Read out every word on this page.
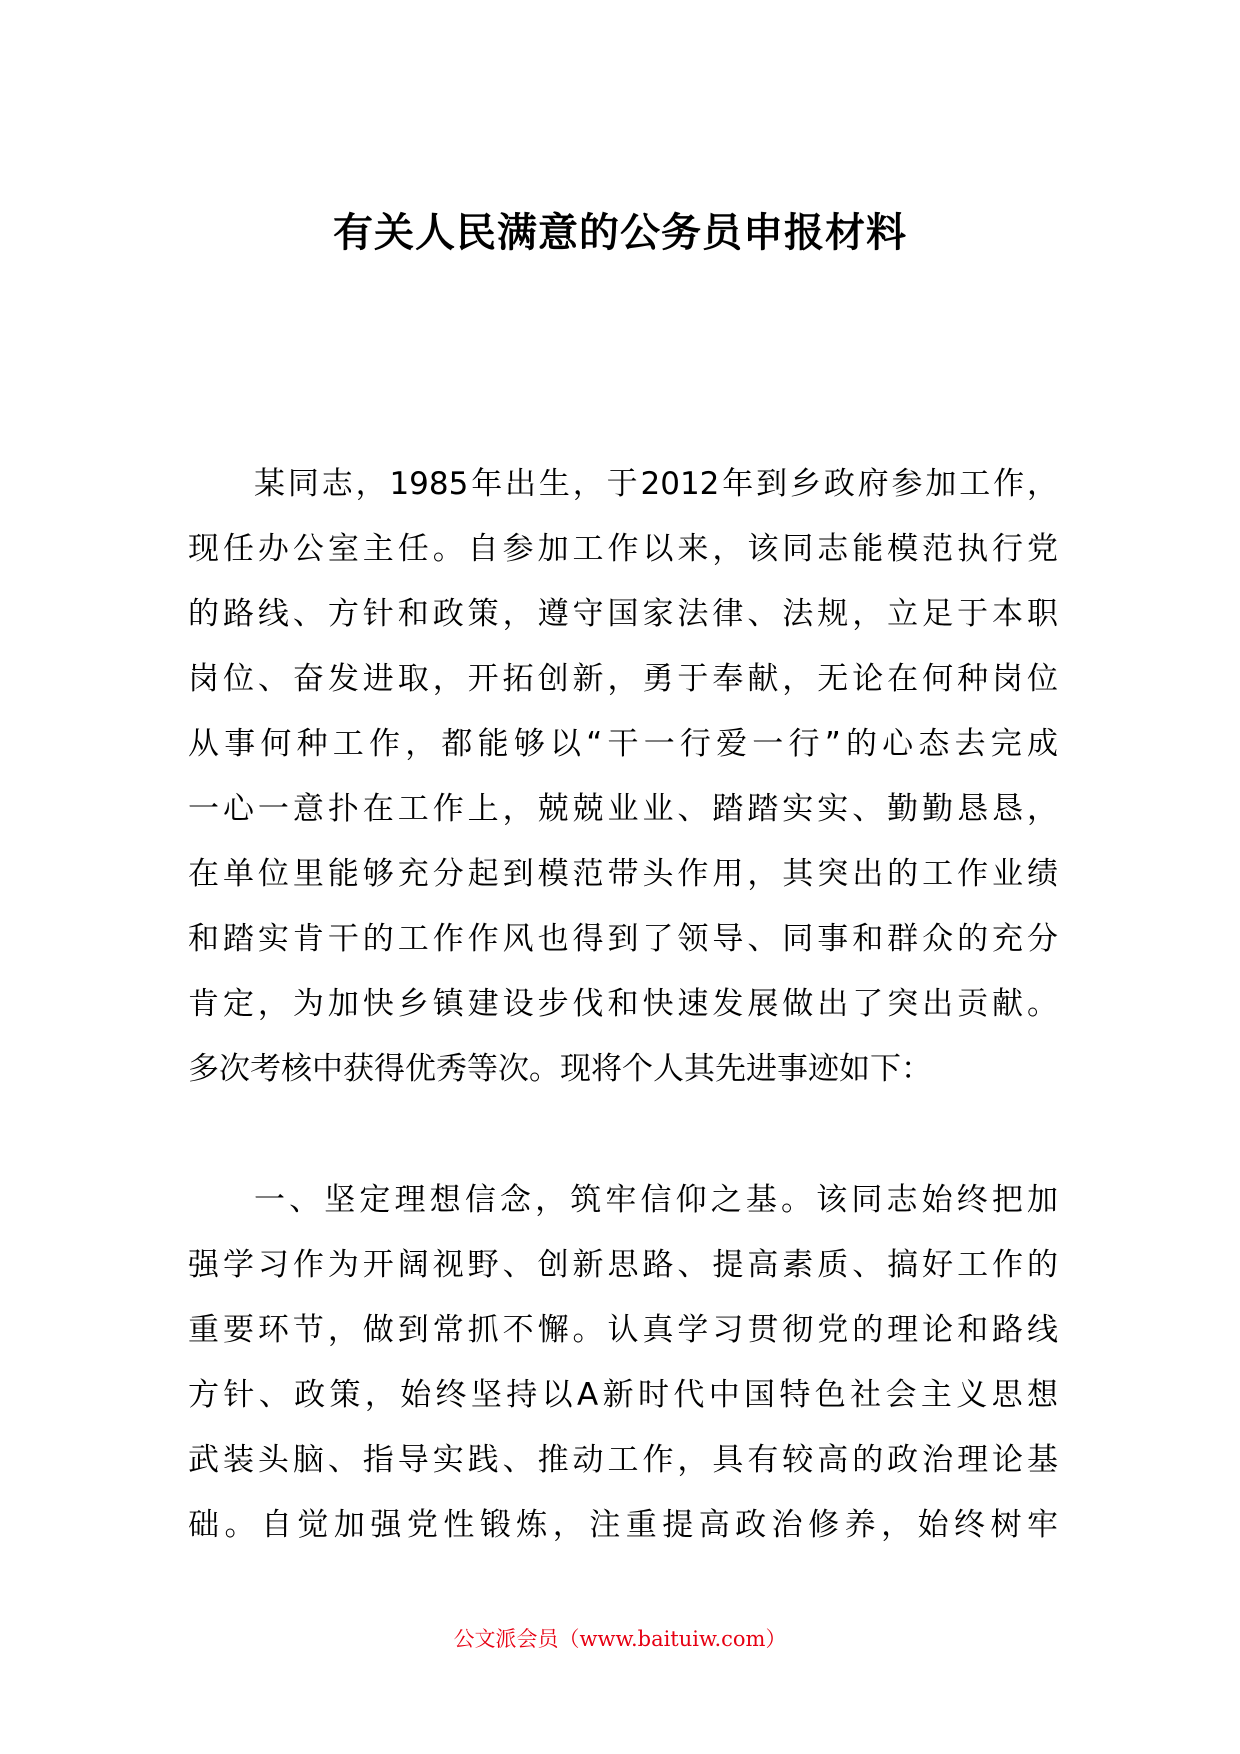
有关人民满意的公务员申报材料
某同志，1985年出生，于2012年到乡政府参加工作，
现任办公室主任。自参加工作以来，该同志能模范执行党
的路线、方针和政策，遵守国家法律、法规，立足于本职
岗位、奋发进取，开拓创新，勇于奉献，无论在何种岗位
从事何种工作，都能够以“干一行爱一行”的心态去完成
一心一意扑在工作上，兢兢业业、踏踏实实、勤勤恳恳，
在单位里能够充分起到模范带头作用，其突出的工作业绩
和踏实肯干的工作作风也得到了领导、同事和群众的充分
肯定，为加快乡镇建设步伐和快速发展做出了突出贡献。
多次考核中获得优秀等次。现将个人其先进事迹如下：
一、坚定理想信念，筑牢信仰之基。该同志始终把加
强学习作为开阔视野、创新思路、提高素质、搞好工作的
重要环节，做到常抓不懈。认真学习贯彻党的理论和路线
方针、政策，始终坚持以A新时代中国特色社会主义思想
武装头脑、指导实践、推动工作，具有较高的政治理论基
础。自觉加强党性锻炼，注重提高政治修养，始终树牢
公文派会员（www.baituiw.com）
